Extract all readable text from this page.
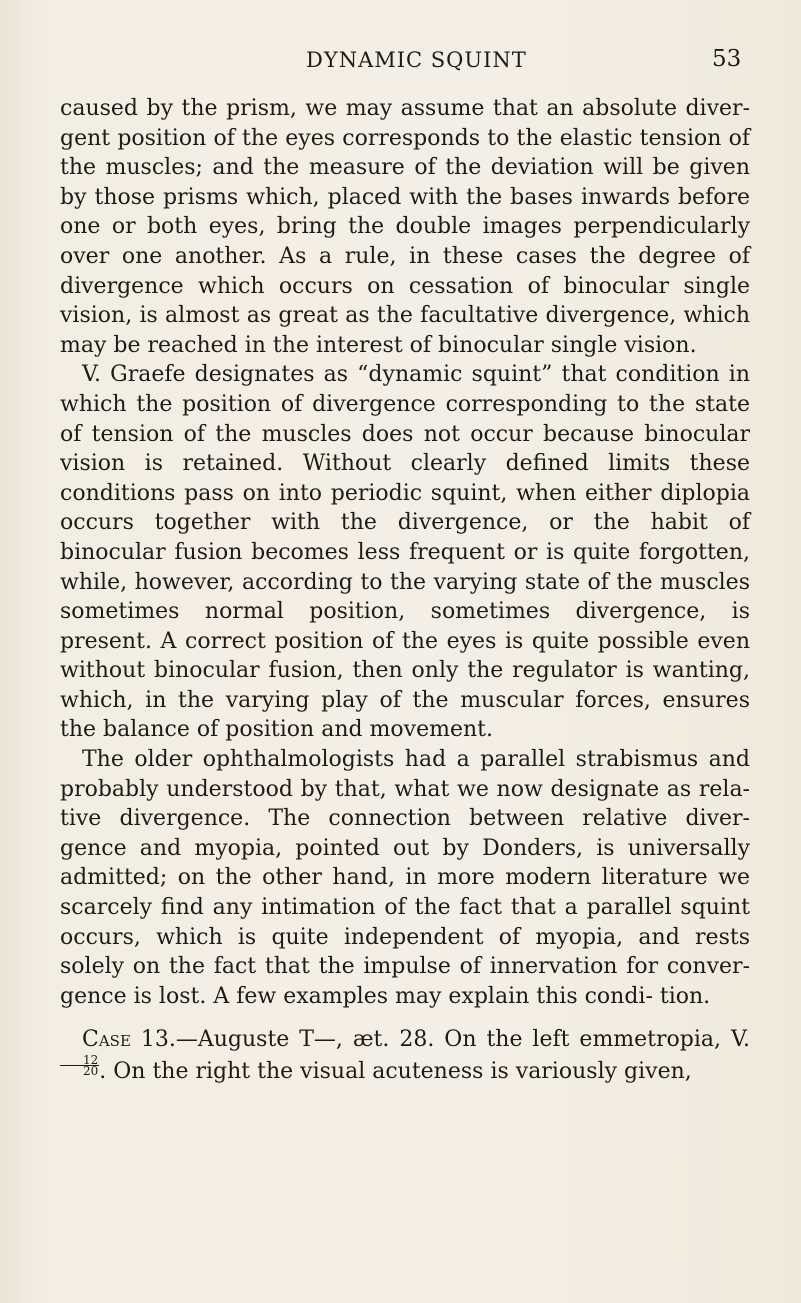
DYNAMIC SQUINT	53

caused by the prism, we may assume that an absolute diver- gent position of the eyes corresponds to the elastic tension of the muscles; and the measure of the deviation will be given by those prisms which, placed with the bases inwards before one or both eyes, bring the double images perpendicularly over one another. As a rule, in these cases the degree of divergence which occurs on cessation of binocular single vision, is almost as great as the facultative divergence, which may be reached in the interest of binocular single vision.

V. Graefe designates as “dynamic squint” that condition in which the position of divergence corresponding to the state of tension of the muscles does not occur because binocular vision is retained. Without clearly defined limits these conditions pass on into periodic squint, when either diplopia occurs together with the divergence, or the habit of binocular fusion becomes less frequent or is quite forgotten, while, however, according to the varying state of the muscles sometimes normal position, sometimes divergence, is present. A correct position of the eyes is quite possible even without binocular fusion, then only the regulator is wanting, which, in the varying play of the muscular forces, ensures the balance of position and movement.

The older ophthalmologists had a parallel strabismus and probably understood by that, what we now designate as rela- tive divergence. The connection between relative diver- gence and myopia, pointed out by Donders, is universally admitted; on the other hand, in more modern literature we scarcely find any intimation of the fact that a parallel squint occurs, which is quite independent of myopia, and rests solely on the fact that the impulse of innervation for conver- gence is lost. A few examples may explain this condi- tion.

Case 13.—Auguste T—, æt. 28. On the left emmetropia, V.
$\frac{12}{20}$ . On the right the visual acuteness is variously given,
